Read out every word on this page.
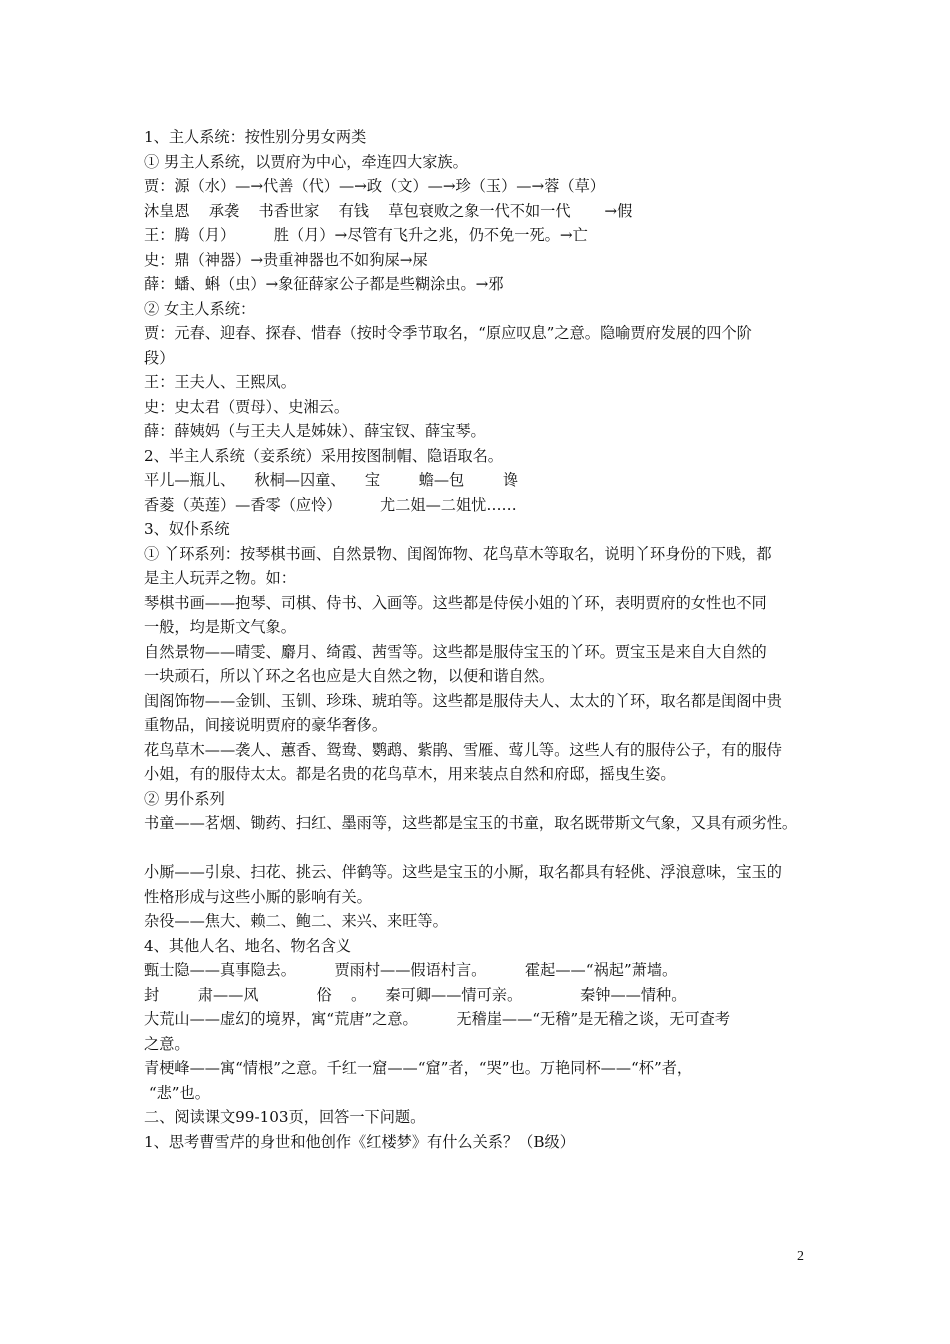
1、主人系统：按性别分男女两类
① 男主人系统，以贾府为中心，牵连四大家族。
贾：源（水）—→代善（代）—→政（文）—→珍（玉）—→蓉（草）
沐皇恩    承袭    书香世家    有钱    草包衰败之象一代不如一代       →假
王：腾（月）        胜（月）→尽管有飞升之兆，仍不免一死。→亡
史：鼎（神器）→贵重神器也不如狗屎→屎
薛：蟠、蝌（虫）→象征薛家公子都是些糊涂虫。→邪
② 女主人系统：
贾：元春、迎春、探春、惜春（按时令季节取名，“原应叹息”之意。隐喻贾府发展的四个阶
段）
王：王夫人、王熙凤。
史：史太君（贾母）、史湘云。
薛：薛姨妈（与王夫人是姊妹）、薛宝钗、薛宝琴。
2、半主人系统（妾系统）采用按图制帽、隐语取名。
平儿—瓶儿、    秋桐—囚童、    宝        蟾—包        谗
香菱（英莲）—香零（应怜）        尤二姐—二姐忧……
3、奴仆系统
① 丫环系列：按琴棋书画、自然景物、闺阁饰物、花鸟草木等取名，说明丫环身份的下贱，都
是主人玩弄之物。如：
琴棋书画——抱琴、司棋、侍书、入画等。这些都是侍侯小姐的丫环，表明贾府的女性也不同
一般，均是斯文气象。
自然景物——晴雯、麝月、绮霞、茜雪等。这些都是服侍宝玉的丫环。贾宝玉是来自大自然的
一块顽石，所以丫环之名也应是大自然之物，以便和谐自然。
闺阁饰物——金钏、玉钏、珍珠、琥珀等。这些都是服侍夫人、太太的丫环，取名都是闺阁中贵
重物品，间接说明贾府的豪华奢侈。
花鸟草木——袭人、蕙香、鸳鸯、鹦鹉、紫鹃、雪雁、莺儿等。这些人有的服侍公子，有的服侍
小姐，有的服侍太太。都是名贵的花鸟草木，用来装点自然和府邸，摇曳生姿。
② 男仆系列
书童——茗烟、锄药、扫红、墨雨等，这些都是宝玉的书童，取名既带斯文气象，又具有顽劣性。
小厮——引泉、扫花、挑云、伴鹤等。这些是宝玉的小厮，取名都具有轻佻、浮浪意味，宝玉的
性格形成与这些小厮的影响有关。
杂役——焦大、赖二、鲍二、来兴、来旺等。
4、其他人名、地名、物名含义
甄士隐——真事隐去。        贾雨村——假语村言。        霍起——“祸起”萧墙。
封        肃——风            俗    。    秦可卿——情可亲。            秦钟——情种。
大荒山——虚幻的境界，寓“荒唐”之意。        无稽崖——“无稽”是无稽之谈，无可查考
之意。
青梗峰——寓“情根”之意。千红一窟——“窟”者，“哭”也。万艳同杯——“杯”者，
“悲”也。
二、阅读课文99-103页，回答一下问题。
1、思考曹雪芹的身世和他创作《红楼梦》有什么关系？（B级）
2
